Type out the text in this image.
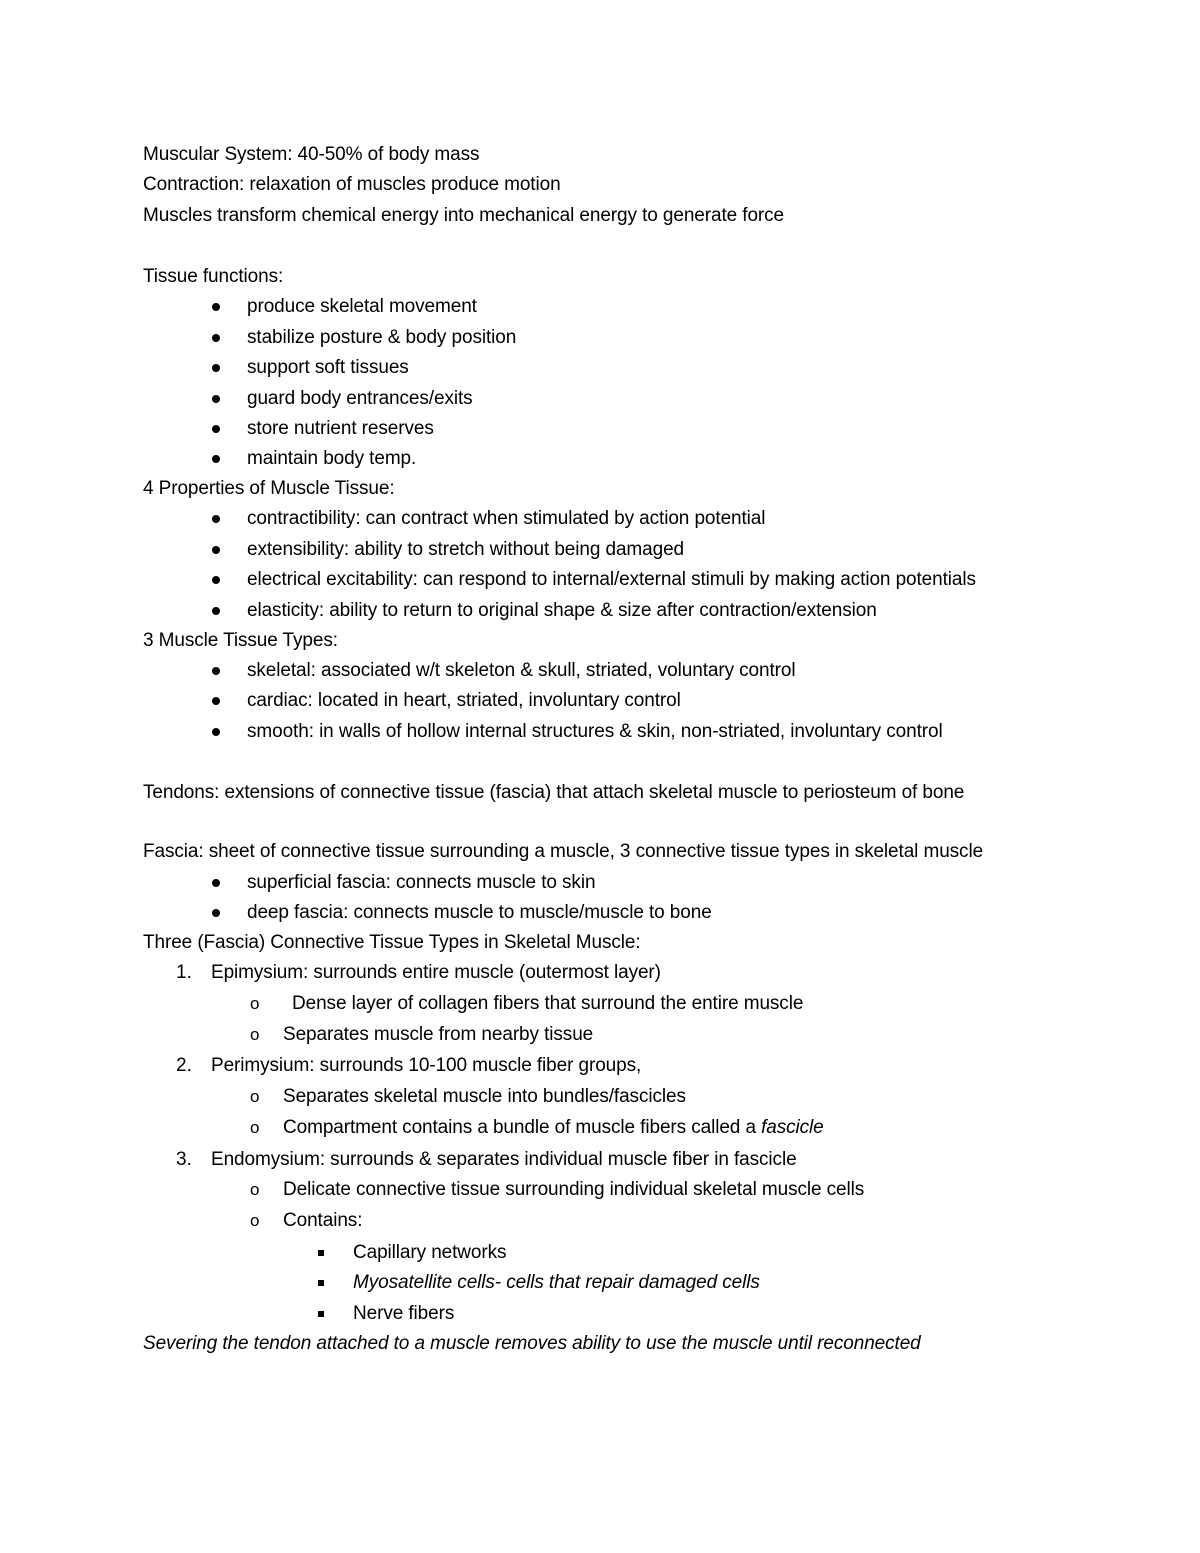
Muscular System: 40-50% of body mass
Contraction: relaxation of muscles produce motion
Muscles transform chemical energy into mechanical energy to generate force
Tissue functions:
produce skeletal movement
stabilize posture & body position
support soft tissues
guard body entrances/exits
store nutrient reserves
maintain body temp.
4 Properties of Muscle Tissue:
contractibility: can contract when stimulated by action potential
extensibility: ability to stretch without being damaged
electrical excitability: can respond to internal/external stimuli by making action potentials
elasticity: ability to return to original shape & size after contraction/extension
3 Muscle Tissue Types:
skeletal: associated w/t skeleton & skull, striated, voluntary control
cardiac: located in heart, striated, involuntary control
smooth: in walls of hollow internal structures & skin, non-striated, involuntary control
Tendons: extensions of connective tissue (fascia) that attach skeletal muscle to periosteum of bone
Fascia: sheet of connective tissue surrounding a muscle, 3 connective tissue types in skeletal muscle
superficial fascia: connects muscle to skin
deep fascia: connects muscle to muscle/muscle to bone
Three (Fascia) Connective Tissue Types in Skeletal Muscle:
1. Epimysium: surrounds entire muscle (outermost layer)
o Dense layer of collagen fibers that surround the entire muscle
o Separates muscle from nearby tissue
2. Perimysium: surrounds 10-100 muscle fiber groups,
o Separates skeletal muscle into bundles/fascicles
o Compartment contains a bundle of muscle fibers called a fascicle
3. Endomysium: surrounds & separates individual muscle fiber in fascicle
o Delicate connective tissue surrounding individual skeletal muscle cells
o Contains:
Capillary networks
Myosatellite cells- cells that repair damaged cells
Nerve fibers
Severing the tendon attached to a muscle removes ability to use the muscle until reconnected
